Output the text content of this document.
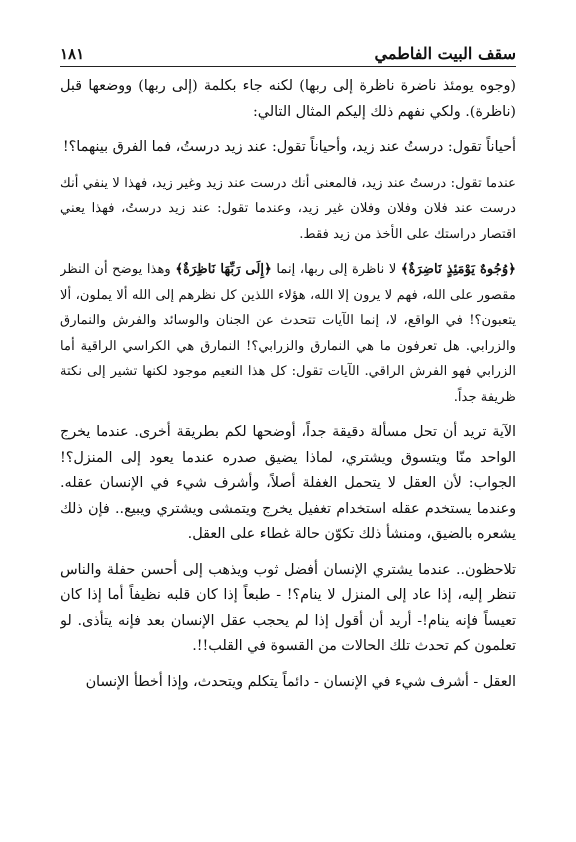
سقف البيت الفاطمي
١٨١

(وجوه يومئذ ناضرة ناظرة إلى ربها) لكنه جاء بكلمة (إلى ربها) ووضعها قبل (ناظرة). ولكي نفهم ذلك إليكم المثال التالي:

أحياناً تقول: درستُ عند زيد، وأحياناً تقول: عند زيد درستُ، فما الفرق بينهما؟!

عندما تقول: درستُ عند زيد، فالمعنى أنك درست عند زيد وغير زيد، فهذا لا ينفي أنك درست عند فلان وفلان وفلان غير زيد، وعندما تقول: عند زيد درستُ، فهذا يعني اقتصار دراستك على الأخذ من زيد فقط.

﴿وُجُوهٌ يَوْمَئِذٍ نَاضِرَةٌ﴾ لا ناظرة إلى ربها، إنما ﴿إِلَى رَبِّهَا نَاظِرَةٌ﴾ وهذا يوضح أن النظر مقصور على الله، فهم لا يرون إلا الله، هؤلاء اللذين كل نظرهم إلى الله ألا يملون، ألا يتعبون؟! في الواقع، لا، إنما الآيات تتحدث عن الجنان والوسائد والفرش والنمارق والزرابي. هل تعرفون ما هي النمارق والزرابي؟! النمارق هي الكراسي الراقية أما الزرابي فهو الفرش الراقي. الآيات تقول: كل هذا النعيم موجود لكنها تشير إلى نكتة ظريفة جداً.

الآية تريد أن تحل مسألة دقيقة جداً، أوضحها لكم بطريقة أخرى. عندما يخرج الواحد منّا ويتسوق ويشتري، لماذا يضيق صدره عندما يعود إلى المنزل؟! الجواب: لأن العقل لا يتحمل الغفلة أصلاً، وأشرف شيء في الإنسان عقله. وعندما يستخدم عقله استخدام تغفيل يخرج ويتمشى ويشتري ويبيع.. فإن ذلك يشعره بالضيق، ومنشأ ذلك تكوّن حالة غطاء على العقل.

تلاحظون.. عندما يشتري الإنسان أفضل ثوب ويذهب إلى أحسن حفلة والناس تنظر إليه، إذا عاد إلى المنزل لا ينام؟! - طبعاً إذا كان قلبه نظيفاً أما إذا كان تعيساً فإنه ينام!- أريد أن أقول إذا لم يحجب عقل الإنسان بعد فإنه يتأذى. لو تعلمون كم تحدث تلك الحالات من القسوة في القلب!!.

العقل - أشرف شيء في الإنسان - دائماً يتكلم ويتحدث، وإذا أخطأ الإنسان
